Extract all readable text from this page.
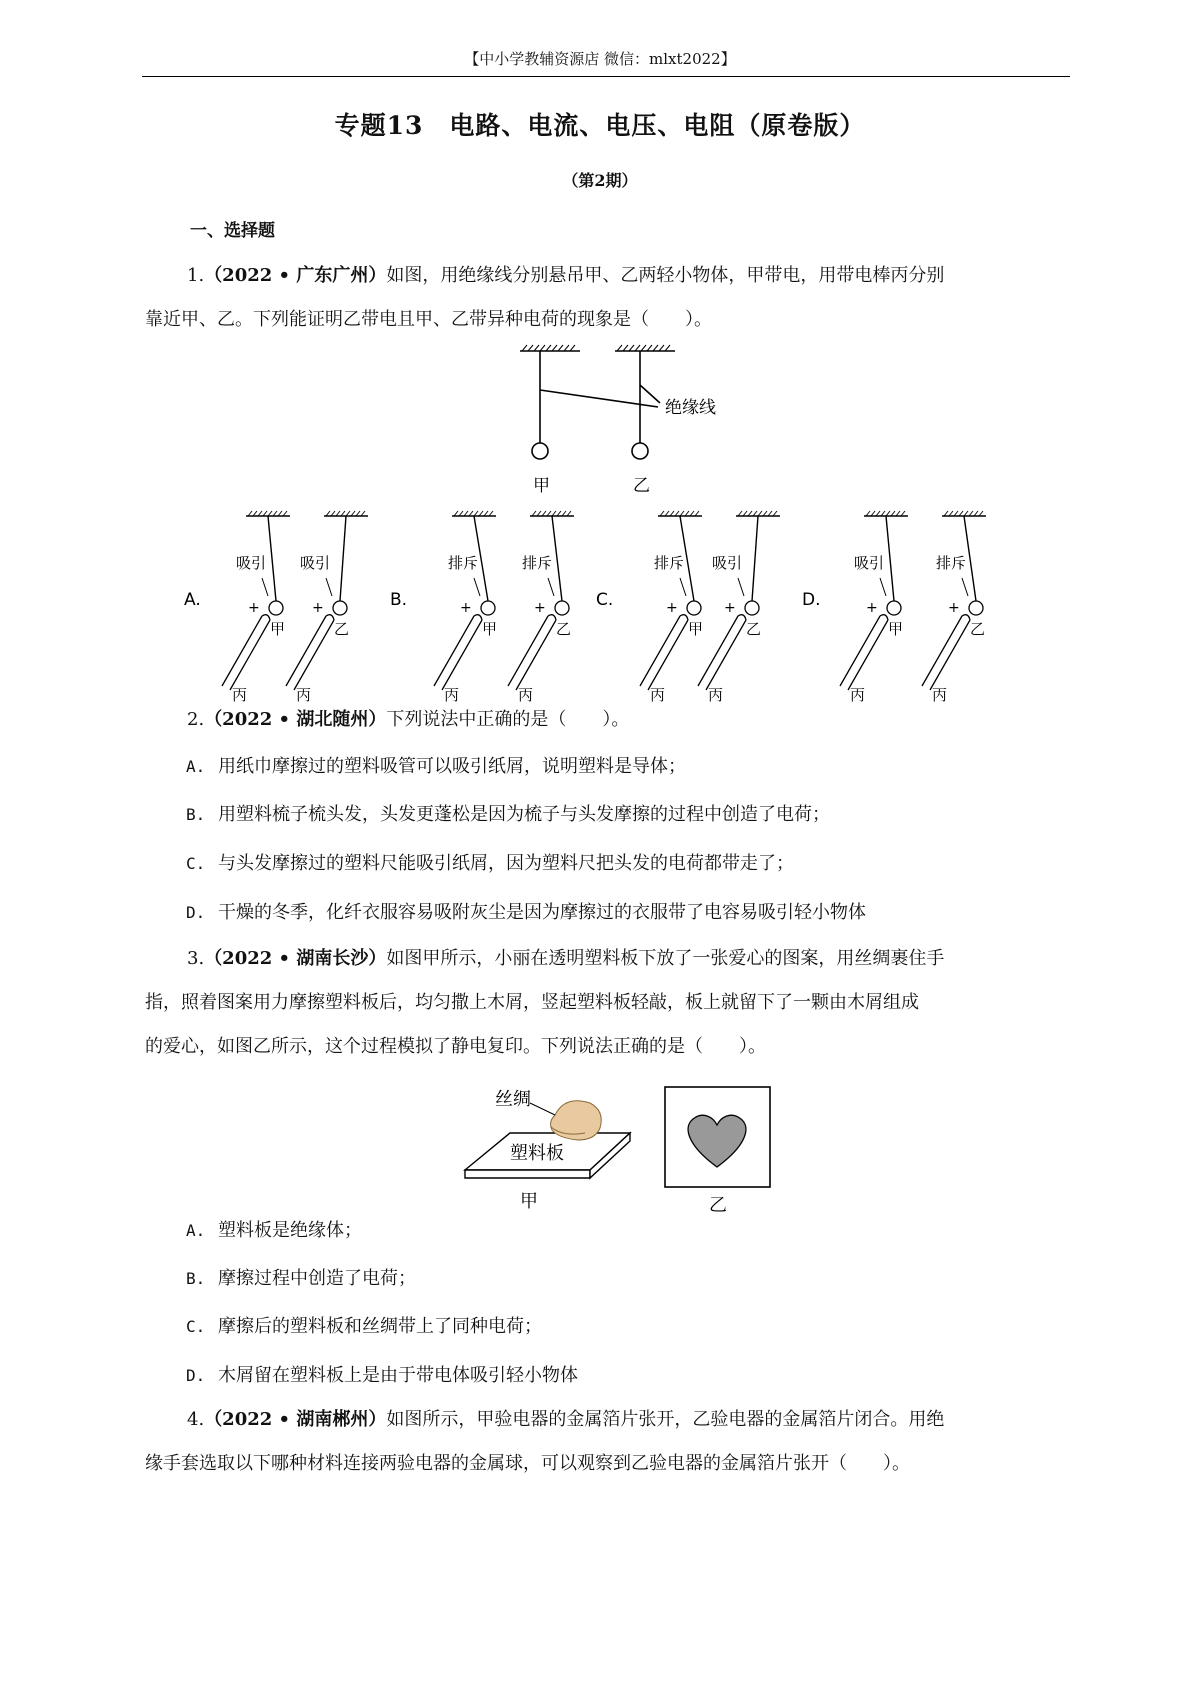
【中小学教辅资源店 微信：mlxt2022】
专题13　电路、电流、电压、电阻（原卷版）
（第2期）
一、选择题
1.（2022 • 广东广州）如图，用绝缘线分别悬吊甲、乙两轻小物体，甲带电，用带电棒丙分别
靠近甲、乙。下列能证明乙带电且甲、乙带异种电荷的现象是（　　）。
绝缘线
甲	乙
A.	+
丙
甲
吸引
+
丙
乙
吸引
B.	+
丙
甲
排斥
+
丙
乙
排斥
C.	+
丙
甲
排斥
+
丙
乙
吸引
D.	+
丙
甲
吸引
+
丙
乙
排斥
2.（2022 • 湖北随州）下列说法中正确的是（　　）。
A. 用纸巾摩擦过的塑料吸管可以吸引纸屑，说明塑料是导体；
B. 用塑料梳子梳头发，头发更蓬松是因为梳子与头发摩擦的过程中创造了电荷；
C. 与头发摩擦过的塑料尺能吸引纸屑，因为塑料尺把头发的电荷都带走了；
D. 干燥的冬季，化纤衣服容易吸附灰尘是因为摩擦过的衣服带了电容易吸引轻小物体
3.（2022 • 湖南长沙）如图甲所示，小丽在透明塑料板下放了一张爱心的图案，用丝绸裹住手
指，照着图案用力摩擦塑料板后，均匀撒上木屑，竖起塑料板轻敲，板上就留下了一颗由木屑组成
的爱心，如图乙所示，这个过程模拟了静电复印。下列说法正确的是（　　）。
丝绸
塑料板
甲	乙
A. 塑料板是绝缘体；
B. 摩擦过程中创造了电荷；
C. 摩擦后的塑料板和丝绸带上了同种电荷；
D. 木屑留在塑料板上是由于带电体吸引轻小物体
4.（2022 • 湖南郴州）如图所示，甲验电器的金属箔片张开，乙验电器的金属箔片闭合。用绝
缘手套选取以下哪种材料连接两验电器的金属球，可以观察到乙验电器的金属箔片张开（　　）。
